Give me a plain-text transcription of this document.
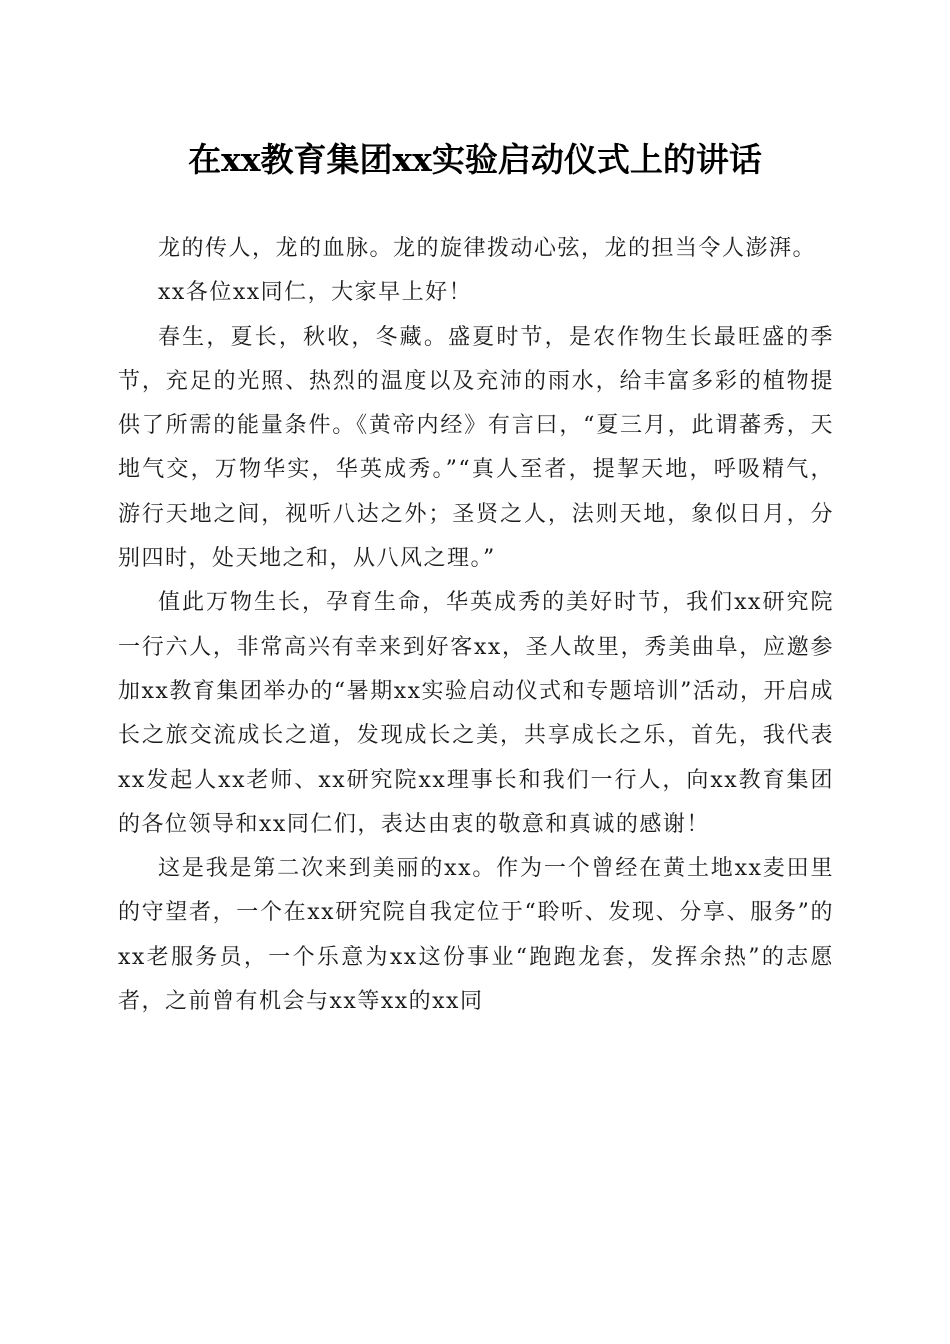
在xx教育集团xx实验启动仪式上的讲话

龙的传人，龙的血脉。龙的旋律拨动心弦，龙的担当令人澎湃。

xx各位xx同仁，大家早上好！

春生，夏长，秋收，冬藏。盛夏时节，是农作物生长最旺盛的季节，充足的光照、热烈的温度以及充沛的雨水，给丰富多彩的植物提供了所需的能量条件。《黄帝内经》有言曰，“夏三月，此谓蕃秀，天地气交，万物华实，华英成秀。”“真人至者，提挈天地，呼吸精气，游行天地之间，视听八达之外；圣贤之人，法则天地，象似日月，分别四时，处天地之和，从八风之理。”

值此万物生长，孕育生命，华英成秀的美好时节，我们xx研究院一行六人，非常高兴有幸来到好客xx，圣人故里，秀美曲阜，应邀参加xx教育集团举办的“暑期xx实验启动仪式和专题培训”活动，开启成长之旅交流成长之道，发现成长之美，共享成长之乐，首先，我代表xx发起人xx老师、xx研究院xx理事长和我们一行人，向xx教育集团的各位领导和xx同仁们，表达由衷的敬意和真诚的感谢！

这是我是第二次来到美丽的xx。作为一个曾经在黄土地xx麦田里的守望者，一个在xx研究院自我定位于“聆听、发现、分享、服务”的xx老服务员，一个乐意为xx这份事业“跑跑龙套，发挥余热”的志愿者，之前曾有机会与xx等xx的xx同
